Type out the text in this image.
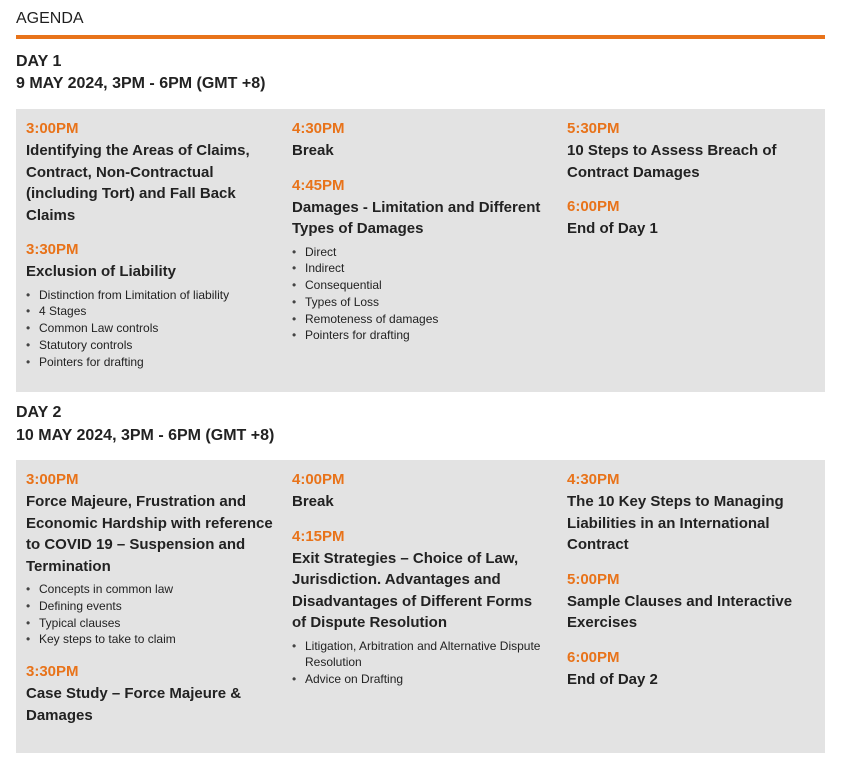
AGENDA
DAY 1
9 MAY 2024, 3PM - 6PM (GMT +8)
3:00PM
Identifying the Areas of Claims, Contract, Non-Contractual (including Tort) and Fall Back Claims
3:30PM
Exclusion of Liability
• Distinction from Limitation of liability
• 4 Stages
• Common Law controls
• Statutory controls
• Pointers for drafting
4:30PM
Break
4:45PM
Damages - Limitation and Different Types of Damages
• Direct
• Indirect
• Consequential
• Types of Loss
• Remoteness of damages
• Pointers for drafting
5:30PM
10 Steps to Assess Breach of Contract Damages
6:00PM
End of Day 1
DAY 2
10 MAY 2024, 3PM - 6PM (GMT +8)
3:00PM
Force Majeure, Frustration and Economic Hardship with reference to COVID 19 – Suspension and Termination
• Concepts in common law
• Defining events
• Typical clauses
• Key steps to take to claim
3:30PM
Case Study – Force Majeure & Damages
4:00PM
Break
4:15PM
Exit Strategies – Choice of Law, Jurisdiction. Advantages and Disadvantages of Different Forms of Dispute Resolution
• Litigation, Arbitration and Alternative Dispute Resolution
• Advice on Drafting
4:30PM
The 10 Key Steps to Managing Liabilities in an International Contract
5:00PM
Sample Clauses and Interactive Exercises
6:00PM
End of Day 2
